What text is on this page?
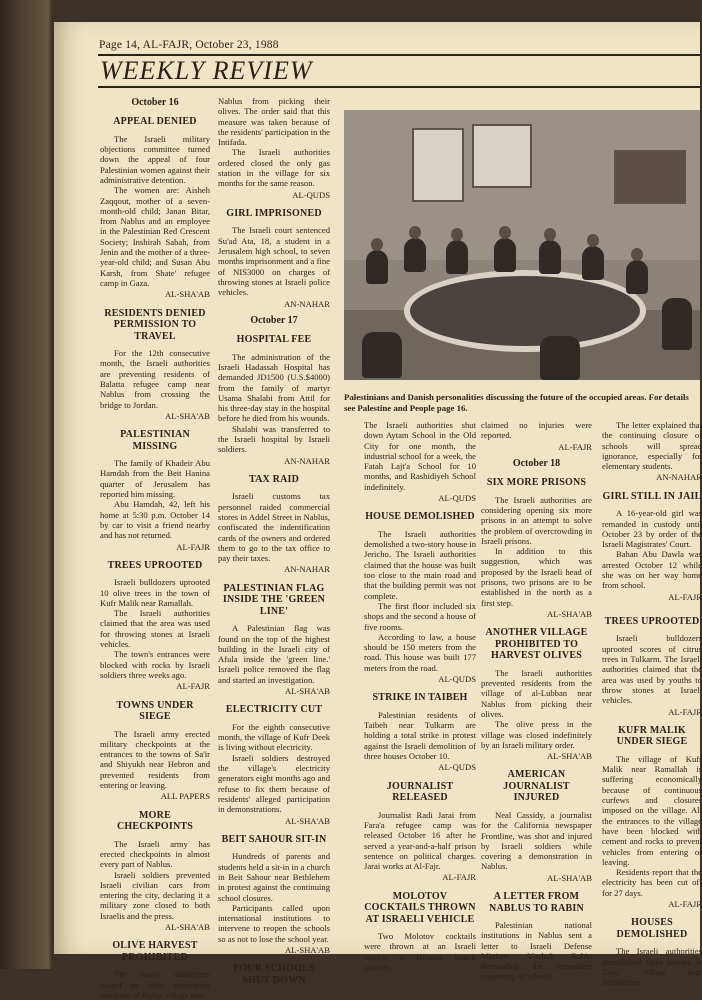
Page 14, AL-FAJR, October 23, 1988
WEEKLY REVIEW
October 16
APPEAL DENIED

The Israeli military objections committee turned down the appeal of four Palestinian women against their administrative detention.

The women are: Aisheh Zaqqout, mother of a seven-month-old child; Janan Bitar, from Nablus and an employee in the Palestinian Red Crescent Society; Inshirah Sabah, from Jenin and the mother of a three-year-old child; and Susan Abu Karsh, from Shate' refugee camp in Gaza.

AL-SHA'AB
RESIDENTS DENIED PERMISSION TO TRAVEL

For the 12th consecutive month, the Israeli authorities are preventing residents of Balatta refugee camp near Nablus from crossing the bridge to Jordan.

AL-SHA'AB
PALESTINIAN MISSING

The family of Khadeir Abu Hamdah from the Beit Hanina quarter of Jerusalem has reported him missing.

Abu Hamdah, 42, left his home at 5:30 p.m. October 14 by car to visit a friend nearby and has not returned.

AL-FAJR
TREES UPROOTED

Israeli bulldozers uprooted 10 olive trees in the town of Kufr Malik near Ramallah.

The Israeli authorities claimed that the area was used for throwing stones at Israeli vehicles.

The town's entrances were blocked with rocks by Israeli soldiers three weeks ago.

AL-FAJR
TOWNS UNDER SIEGE

The Israeli army erected military checkpoints at the entrances to the towns of Sa'ir and Shiyukh near Hebron and prevented residents from entering or leaving.

ALL PAPERS
MORE CHECKPOINTS

The Israeli army has erected checkpoints in almost every part of Nablus.

Israeli soldiers prevented Israeli civilian cars from entering the city, declaring it a military zone closed to both Israelis and the press.

AL-SHA'AB
OLIVE HARVEST PROHIBITED

The Israeli authorities issued an order preventing residents of Burqa village near

Nablus from picking their olives. The order said that this measure was taken because of the residents' participation in the Intifada.

The Israeli authorities ordered closed the only gas station in the village for six months for the same reason.

AL-QUDS
GIRL IMPRISONED

The Israeli court sentenced Su'ad Ata, 18, a student in a Jerusalem high school, to seven months imprisonment and a fine of NIS3000 on charges of throwing stones at Israeli police vehicles.

AN-NAHAR
October 17
HOSPITAL FEE

The administration of the Israeli Hadassah Hospital has demanded JD1500 (U.S.$4000) from the family of martyr Usama Shalabi from Attil for his three-day stay in the hospital before he died from his wounds.

Shalabi was transferred to the Israeli hospital by Israeli soldiers.

AN-NAHAR
TAX RAID

Israeli customs tax personnel raided commercial stores in Addel Street in Nablus, confiscated the indentification cards of the owners and ordered them to go to the tax office to pay their taxes.

AN-NAHAR
PALESTINIAN FLAG INSIDE THE 'GREEN LINE'

A Palestinian flag was found on the top of the highest building in the Israeli city of Afula inside the 'green line.' Israeli police removed the flag and started an investigation.

AL-SHA'AB
ELECTRICITY CUT

For the eighth consecutive month, the village of Kufr Deek is living without electricity.

Israeli soldiers destroyed the village's electricity generators eight months ago and refuse to fix them because of residents' alleged participation in demonstrations.

AL-SHA'AB
BEIT SAHOUR SIT-IN

Hundreds of parents and students held a sit-in in a church in Beit Sahour near Bethlehem in protest against the continuing school closures.

Participants called upon international institutions to intervene to reopen the schools so as not to lose the school year.

AL-SHA'AB
FOUR SCHOOLS SHUT DOWN
Palestinians and Danish personalities discussing the future of the occupied areas. For details see Palestine and People page 16.

The Israeli authorities shut down Aytam School in the Old City for one month, the industrial school for a week, the Fatah Lajt'a School for 10 months, and Rashidiyeh School indefinitely.

AL-QUDS
HOUSE DEMOLISHED

The Israeli authorities demolished a two-story house in Jericho. The Israeli authorities claimed that the house was built too close to the main road and that the building permit was not complete.

The first floor included six shops and the second a house of five rooms.

According to law, a house should be 150 meters from the road. This house was built 177 meters from the road.

AL-QUDS
STRIKE IN TAIBEH

Palestinian residents of Taibeh near Tulkarm are holding a total strike in protest against the Israeli demolition of three houses October 10.

AL-QUDS
JOURNALIST RELEASED

Journalist Radi Jarai from Fara'a refugee camp was released October 16 after he served a year-and-a-half prison sentence on political charges. Jarai works at Al-Fajr.

AL-FAJR
MOLOTOV COCKTAILS THROWN AT ISRAELI VEHICLE

Two Molotov cocktails were thrown at an Israeli vehicle in Hebron. Israeli sources

claimed no injuries were reported.

AL-FAJR
October 18
SIX MORE PRISONS

The Israeli authorities are considering opening six more prisons in an attempt to solve the problem of overcrowding in Israeli prisons.

In addition to this suggestion, which was proposed by the Israeli head of prisons, two prisons are to be established in the north as a first step.

AL-SHA'AB
ANOTHER VILLAGE PROHIBITED TO HARVEST OLIVES

The Israeli authorities prevented residents from the village of al-Lubban near Nablus from picking their olives.

The olive press in the village was closed indefinitely by an Israeli military order.

AL-SHA'AB
AMERICAN JOURNALIST INJURED

Neal Cassidy, a journalist for the California newspaper Frontline, was shot and injured by Israeli soldiers while covering a demonstration in Nablus.

AL-SHA'AB
A LETTER FROM NABLUS TO RABIN

Palestinian national institutions in Nablus sent a letter to Israeli Defense Minister Yitzhak Rabin demanding the immediate reopening of schools.

The letter explained that the continuing closure of schools will spread ignorance, especially for elementary students.

AN-NAHAR
GIRL STILL IN JAIL

A 16-year-old girl was remanded in custody until October 23 by order of the Israeli Magistrates' Court.

Bahan Abu Dawla was arrested October 12 while she was on her way home from school.

AL-FAJR
TREES UPROOTED

Israeli bulldozers uprooted scores of citrus trees in Tulkarm. The Israeli authorities claimed that the area was used by youths to throw stones at Israeli vehicles.

AL-FAJR
KUFR MALIK UNDER SIEGE

The village of Kufr Malik near Ramallah is suffering economically because of continuous curfews and closures imposed on the village. All the entrances to the village have been blocked with cement and rocks to prevent vehicles from entering or leaving.

Residents report that the electricity has been cut off for 27 days.

AL-FAJR
HOUSES DEMOLISHED

The Israeli authorities demolished three houses in Taqu' village near Bethlehem.
